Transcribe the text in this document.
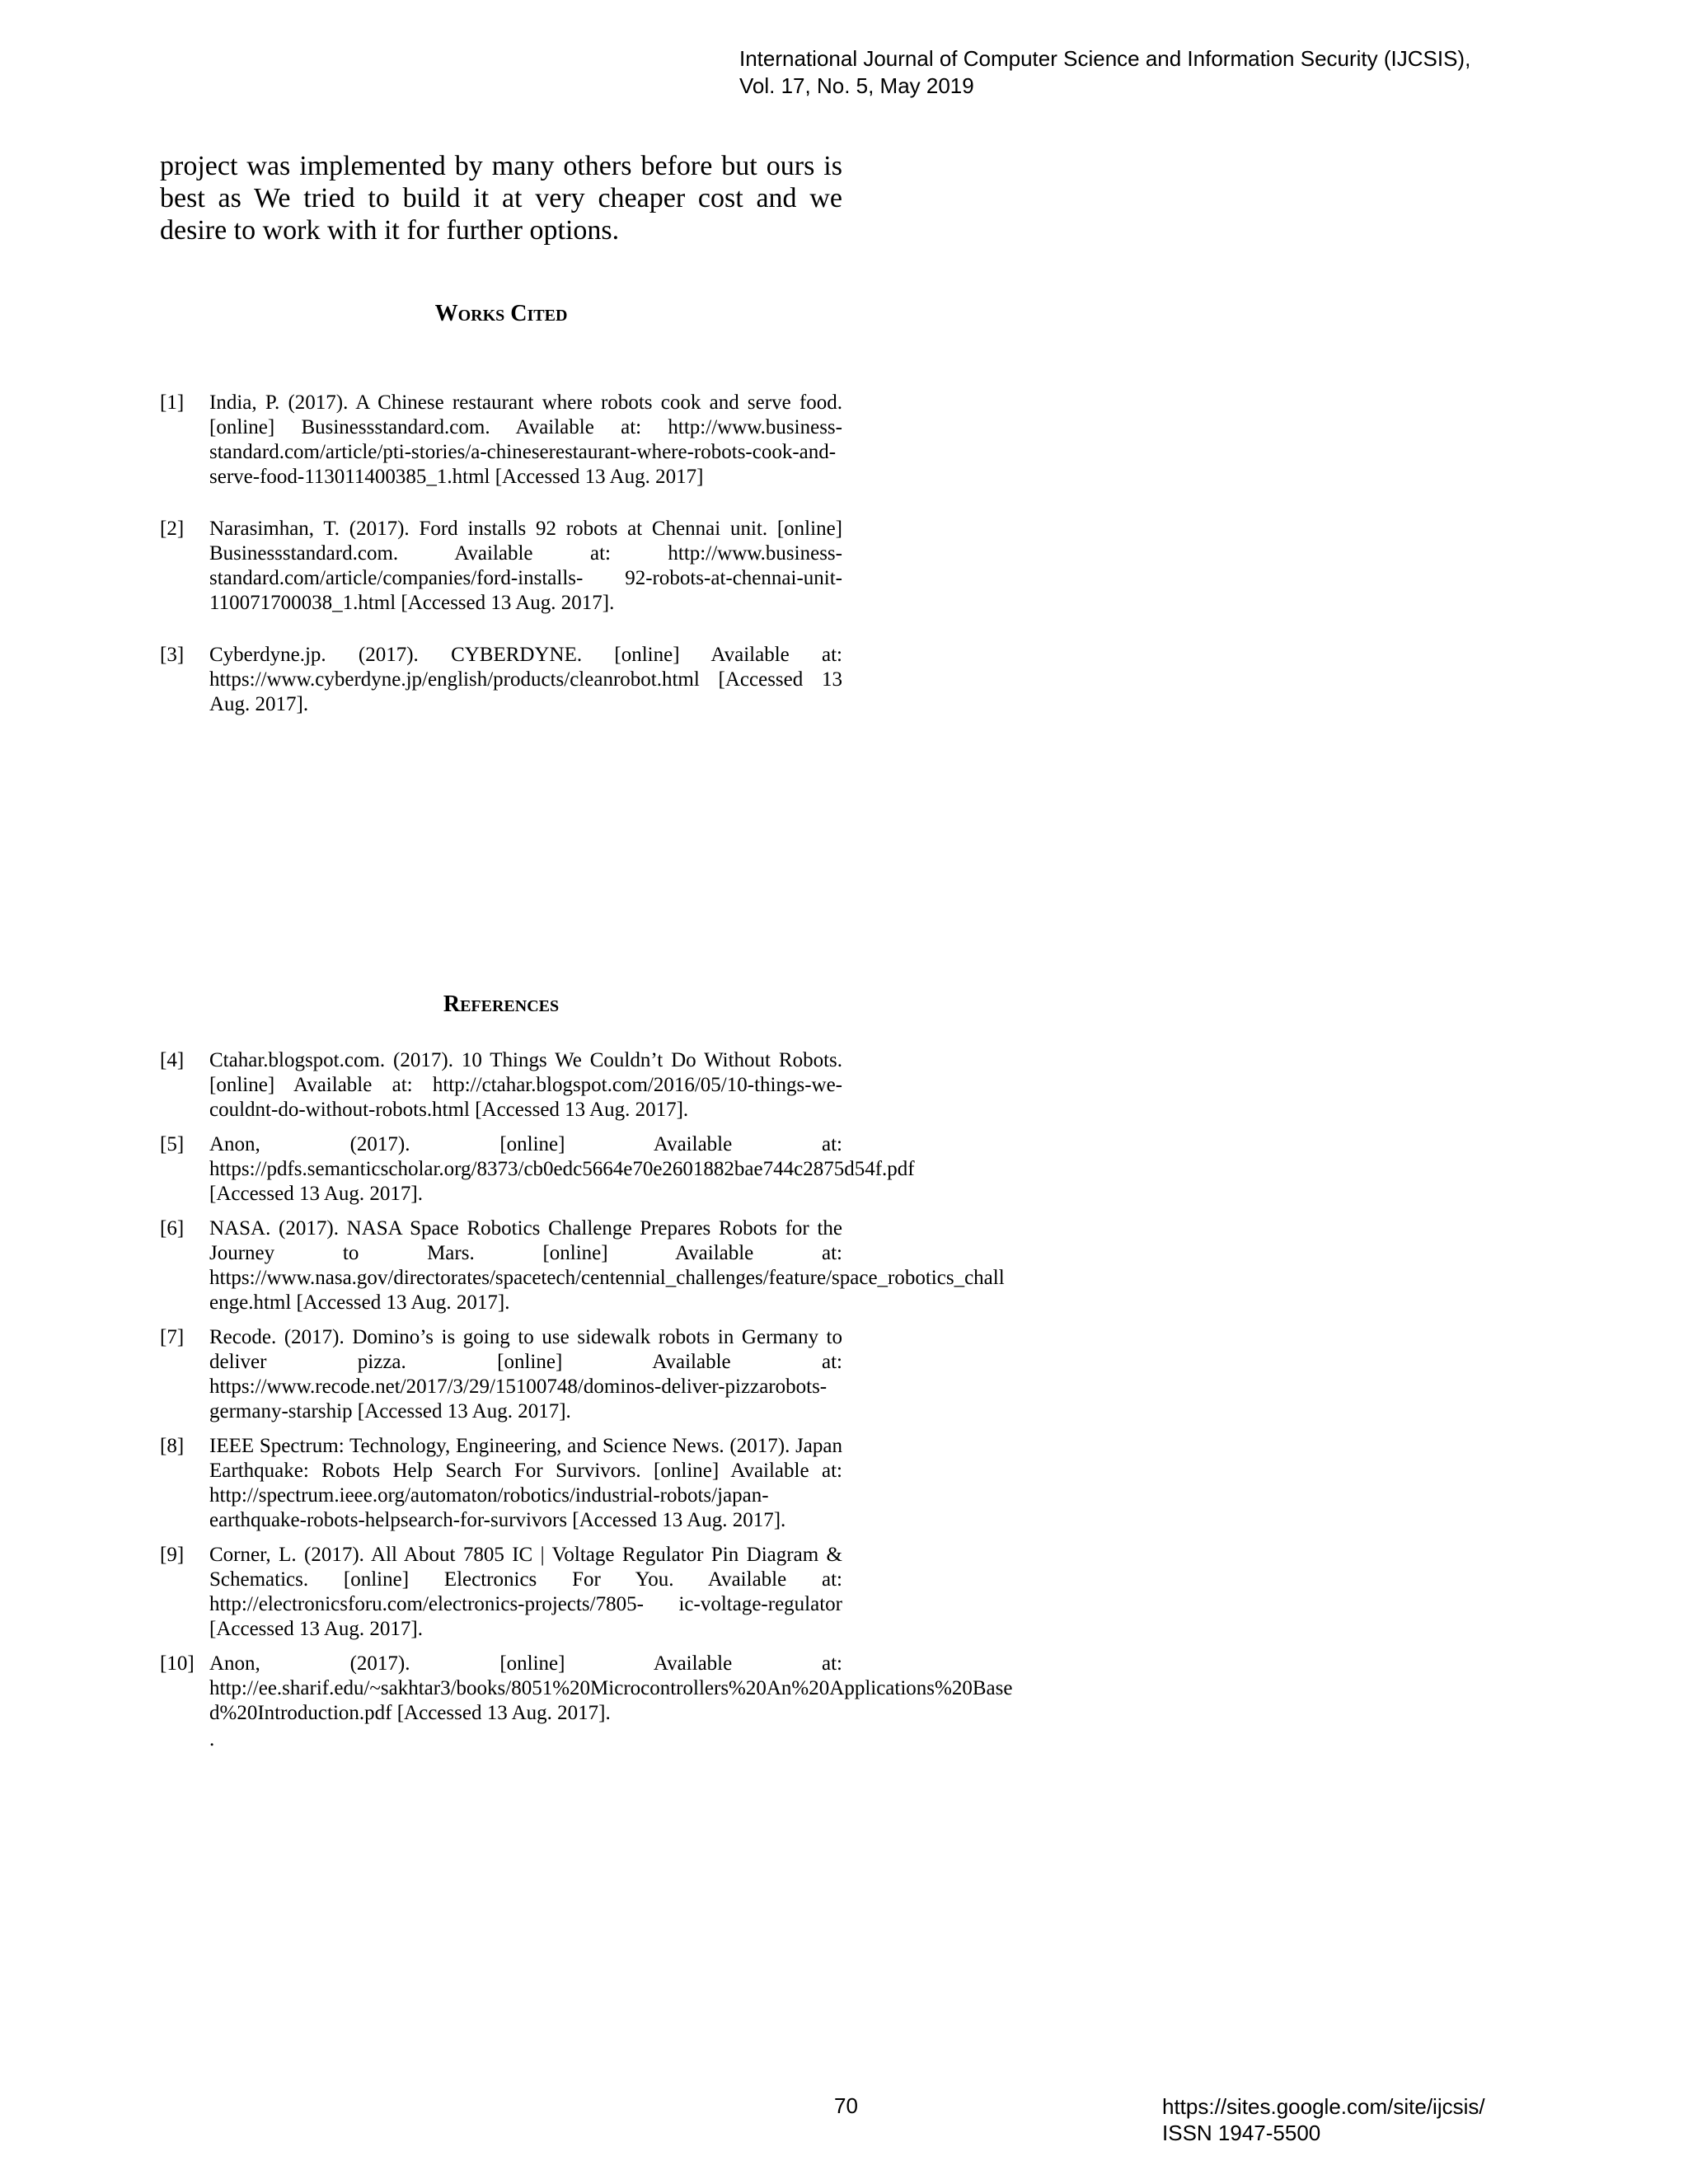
International Journal of Computer Science and Information Security (IJCSIS),
Vol. 17, No. 5, May 2019
project was implemented by many others before but ours is best as We tried to build it at very cheaper cost and we desire to work with it for further options.
Works Cited
[1] India, P. (2017). A Chinese restaurant where robots cook and serve food. [online] Businessstandard.com. Available at: http://www.business-standard.com/article/pti-stories/a-chineserestaurant-where-robots-cook-and-serve-food-113011400385_1.html [Accessed 13 Aug. 2017]
[2] Narasimhan, T. (2017). Ford installs 92 robots at Chennai unit. [online] Businessstandard.com. Available at: http://www.business-standard.com/article/companies/ford-installs- 92-robots-at-chennai-unit-110071700038_1.html [Accessed 13 Aug. 2017].
[3] Cyberdyne.jp. (2017). CYBERDYNE. [online] Available at: https://www.cyberdyne.jp/english/products/cleanrobot.html [Accessed 13 Aug. 2017].
References
[4] Ctahar.blogspot.com. (2017). 10 Things We Couldn’t Do Without Robots. [online] Available at: http://ctahar.blogspot.com/2016/05/10-things-we-couldnt-do-without-robots.html [Accessed 13 Aug. 2017].
[5] Anon, (2017). [online] Available at: https://pdfs.semanticscholar.org/8373/cb0edc5664e70e2601882bae744c2875d54f.pdf [Accessed 13 Aug. 2017].
[6] NASA. (2017). NASA Space Robotics Challenge Prepares Robots for the Journey to Mars. [online] Available at: https://www.nasa.gov/directorates/spacetech/centennial_challenges/feature/space_robotics_chall enge.html [Accessed 13 Aug. 2017].
[7] Recode. (2017). Domino’s is going to use sidewalk robots in Germany to deliver pizza. [online] Available at: https://www.recode.net/2017/3/29/15100748/dominos-deliver-pizzarobots-germany-starship [Accessed 13 Aug. 2017].
[8] IEEE Spectrum: Technology, Engineering, and Science News. (2017). Japan Earthquake: Robots Help Search For Survivors. [online] Available at: http://spectrum.ieee.org/automaton/robotics/industrial-robots/japan-earthquake-robots-helpsearch-for-survivors [Accessed 13 Aug. 2017].
[9] Corner, L. (2017). All About 7805 IC | Voltage Regulator Pin Diagram & Schematics. [online] Electronics For You. Available at: http://electronicsforu.com/electronics-projects/7805- ic-voltage-regulator [Accessed 13 Aug. 2017].
[10] Anon, (2017). [online] Available at: http://ee.sharif.edu/~sakhtar3/books/8051%20Microcontrollers%20An%20Applications%20Base d%20Introduction.pdf [Accessed 13 Aug. 2017].
.
70	https://sites.google.com/site/ijcsis/
ISSN 1947-5500
